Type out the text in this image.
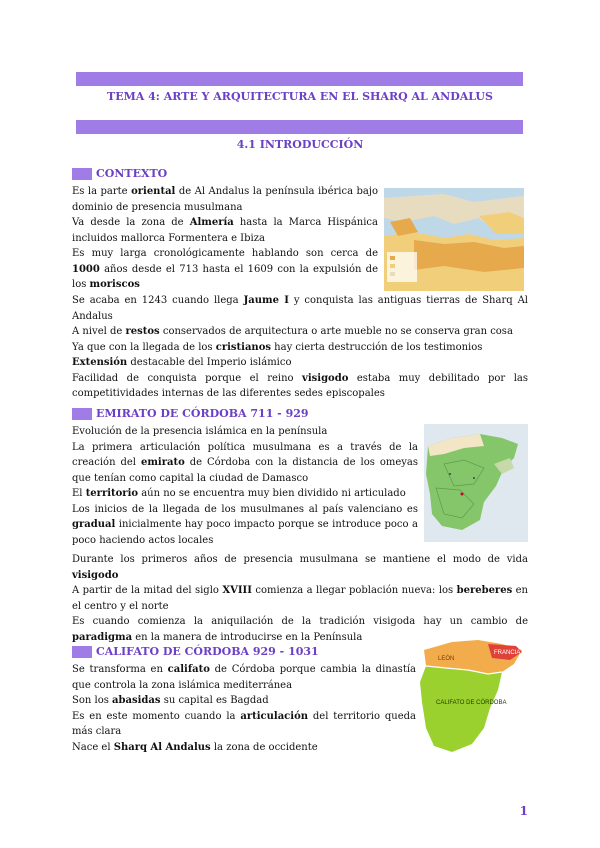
TEMA 4: ARTE Y ARQUITECTURA EN EL SHARQ AL ANDALUS
4.1 INTRODUCCIÓN
CONTEXTO

Es la parte oriental de Al Andalus la península ibérica bajo dominio de presencia musulmana

Va desde la zona de Almería hasta la Marca Hispánica incluidos mallorca Formentera e Ibiza

Es muy larga cronológicamente hablando son cerca de 1000 años desde el 713 hasta el 1609 con la expulsión de los moriscos

Se acaba en 1243 cuando llega Jaume I y conquista las antiguas tierras de Sharq Al Andalus

A nivel de restos conservados de arquitectura o arte mueble no se conserva gran cosa

Ya que con la llegada de los cristianos hay cierta destrucción de los testimonios

Extensión destacable del Imperio islámico

Facilidad de conquista porque el reino visigodo estaba muy debilitado por las competitividades internas de las diferentes sedes episcopales

EMIRATO DE CÓRDOBA 711 - 929

Evolución de la presencia islámica en la península

La primera articulación política musulmana es a través de la creación del emirato de Córdoba con la distancia de los omeyas que tenían como capital la ciudad de Damasco

El territorio aún no se encuentra muy bien dividido ni articulado

Los inicios de la llegada de los musulmanes al país valenciano es gradual inicialmente hay poco impacto porque se introduce poco a poco haciendo actos locales

Durante los primeros años de presencia musulmana se mantiene el modo de vida visigodo

A partir de la mitad del siglo XVIII comienza a llegar población nueva: los bereberes en el centro y el norte

Es cuando comienza la aniquilación de la tradición visigoda hay un cambio de paradigma en la manera de introducirse en la Península

CALIFATO DE CÓRDOBA 929 - 1031

Se transforma en califato de Córdoba porque cambia la dinastía que controla la zona islámica mediterránea

Son los abasidas su capital es Bagdad

Es en este momento cuando la articulación del territorio queda más clara

Nace el Sharq Al Andalus la zona de occidente

FRANCIA
LEÓN
CALIFATO DE CÓRDOBA
1
